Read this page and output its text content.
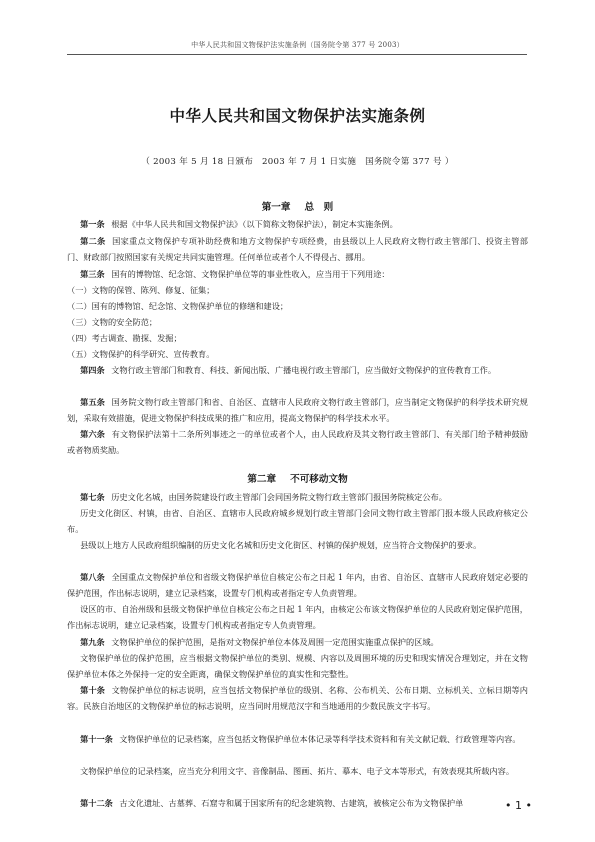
中华人民共和国文物保护法实施条例（国务院令第 377 号 2003）
中华人民共和国文物保护法实施条例
（ 2003 年 5 月 18 日颁布　2003 年 7 月 1 日实施　国务院令第 377 号 ）
第一章 总　则

第一条 根据《中华人民共和国文物保护法》（以下简称文物保护法），制定本实施条例。

第二条 国家重点文物保护专项补助经费和地方文物保护专项经费，由县级以上人民政府文物行政主管部门、投资主管部门、财政部门按照国家有关规定共同实施管理。任何单位或者个人不得侵占、挪用。

第三条 国有的博物馆、纪念馆、文物保护单位等的事业性收入，应当用于下列用途：

（一）文物的保管、陈列、修复、征集；

（二）国有的博物馆、纪念馆、文物保护单位的修缮和建设；

（三）文物的安全防范；

（四）考古调查、勘探、发掘；

（五）文物保护的科学研究、宣传教育。

第四条 文物行政主管部门和教育、科技、新闻出版、广播电视行政主管部门，应当做好文物保护的宣传教育工作。

第五条 国务院文物行政主管部门和省、自治区、直辖市人民政府文物行政主管部门，应当制定文物保护的科学技术研究规划，采取有效措施，促进文物保护科技成果的推广和应用，提高文物保护的科学技术水平。

第六条 有文物保护法第十二条所列事迹之一的单位或者个人，由人民政府及其文物行政主管部门、有关部门给予精神鼓励或者物质奖励。

第二章 不可移动文物

第七条 历史文化名城，由国务院建设行政主管部门会同国务院文物行政主管部门报国务院核定公布。

历史文化街区、村镇，由省、自治区、直辖市人民政府城乡规划行政主管部门会同文物行政主管部门报本级人民政府核定公布。

县级以上地方人民政府组织编制的历史文化名城和历史文化街区、村镇的保护规划，应当符合文物保护的要求。

第八条 全国重点文物保护单位和省级文物保护单位自核定公布之日起 1 年内，由省、自治区、直辖市人民政府划定必要的保护范围，作出标志说明，建立记录档案，设置专门机构或者指定专人负责管理。

设区的市、自治州级和县级文物保护单位自核定公布之日起 1 年内，由核定公布该文物保护单位的人民政府划定保护范围，作出标志说明，建立记录档案，设置专门机构或者指定专人负责管理。

第九条 文物保护单位的保护范围，是指对文物保护单位本体及周围一定范围实施重点保护的区域。

文物保护单位的保护范围，应当根据文物保护单位的类别、规模、内容以及周围环境的历史和现实情况合理划定，并在文物保护单位本体之外保持一定的安全距离，确保文物保护单位的真实性和完整性。

第十条 文物保护单位的标志说明，应当包括文物保护单位的级别、名称、公布机关、公布日期、立标机关、立标日期等内容。民族自治地区的文物保护单位的标志说明，应当同时用规范汉字和当地通用的少数民族文字书写。

第十一条 文物保护单位的记录档案，应当包括文物保护单位本体记录等科学技术资料和有关文献记载、行政管理等内容。

文物保护单位的记录档案，应当充分利用文字、音像制品、图画、拓片、摹本、电子文本等形式，有效表现其所载内容。

第十二条 古文化遗址、古墓葬、石窟寺和属于国家所有的纪念建筑物、古建筑，被核定公布为文物保护单	• 1 •
